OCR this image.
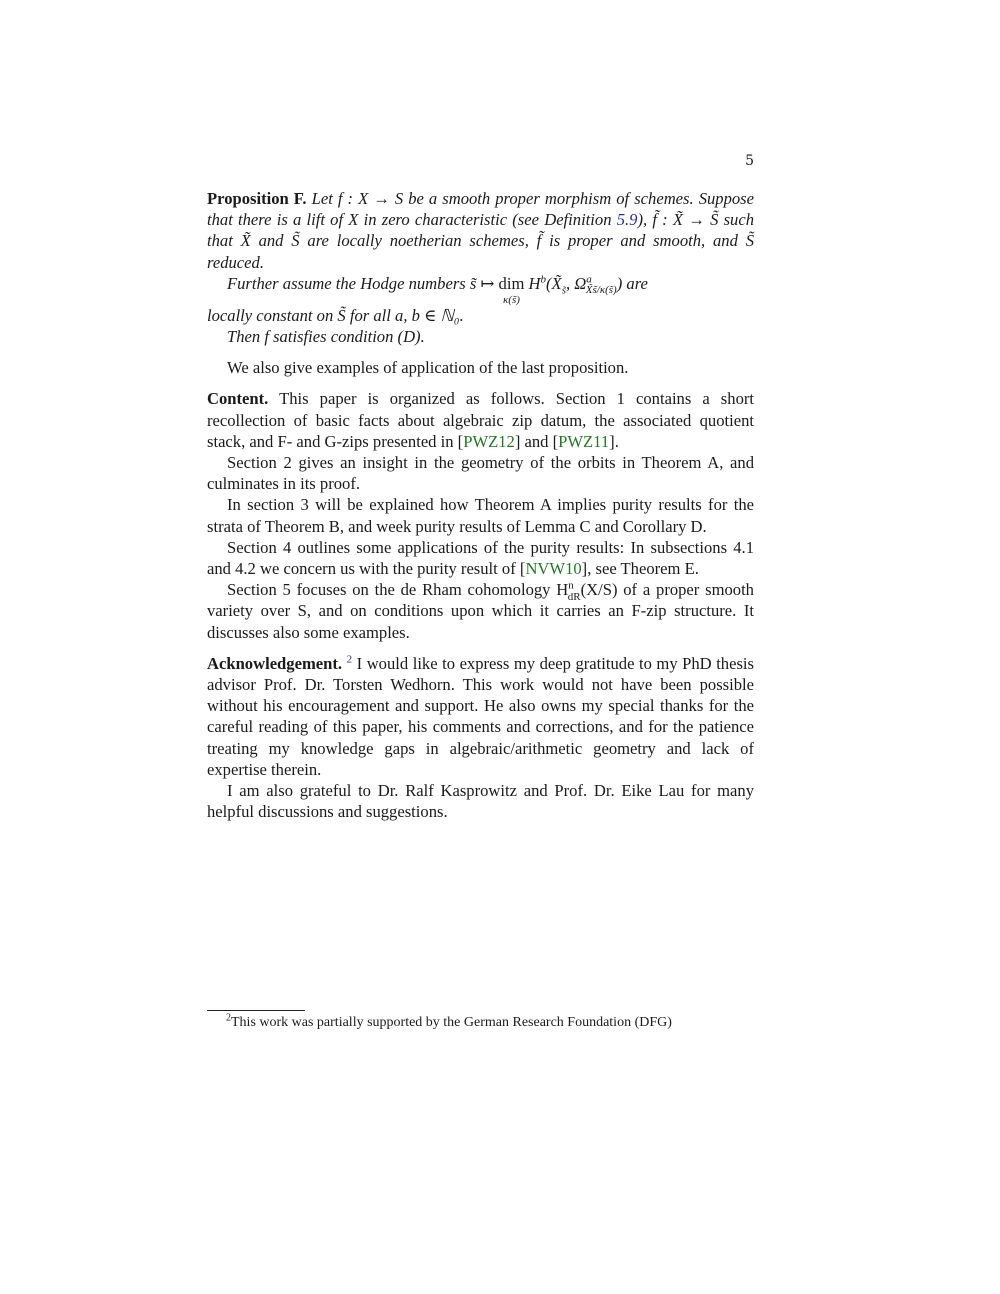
5

Proposition F. Let f : X → S be a smooth proper morphism of schemes. Suppose that there is a lift of X in zero characteristic (see Definition 5.9), f̃ : X̃ → S̃ such that X̃ and S̃ are locally noetherian schemes, f̃ is proper and smooth, and S̃ reduced.

Further assume the Hodge numbers s̃ ↦ dim
κ(s̃)
$H^b(X̃_{s̃}$, $\Omega^a_{X̃s̃/\kappa(s̃)}$) are

locally constant on S̃ for all a, b ∈ ℕ₀.

Then f satisfies condition (D).

We also give examples of application of the last proposition.

Content. This paper is organized as follows. Section 1 contains a short recollection of basic facts about algebraic zip datum, the associated quotient stack, and F- and G-zips presented in [PWZ12] and [PWZ11].

Section 2 gives an insight in the geometry of the orbits in Theorem A, and culminates in its proof.

In section 3 will be explained how Theorem A implies purity results for the strata of Theorem B, and week purity results of Lemma C and Corollary D.

Section 4 outlines some applications of the purity results: In subsections 4.1 and 4.2 we concern us with the purity result of [NVW10], see Theorem E.

Section 5 focuses on the de Rham cohomology $H^n_{dR}(X/S)$ of a proper smooth variety over S, and on conditions upon which it carries an F-zip structure. It discusses also some examples.

Acknowledgement. $^2$ I would like to express my deep gratitude to my PhD thesis advisor Prof. Dr. Torsten Wedhorn. This work would not have been possible without his encouragement and support. He also owns my special thanks for the careful reading of this paper, his comments and corrections, and for the patience treating my knowledge gaps in algebraic/arithmetic geometry and lack of expertise therein.

I am also grateful to Dr. Ralf Kasprowitz and Prof. Dr. Eike Lau for many helpful discussions and suggestions.

$^2$This work was partially supported by the German Research Foundation (DFG)
